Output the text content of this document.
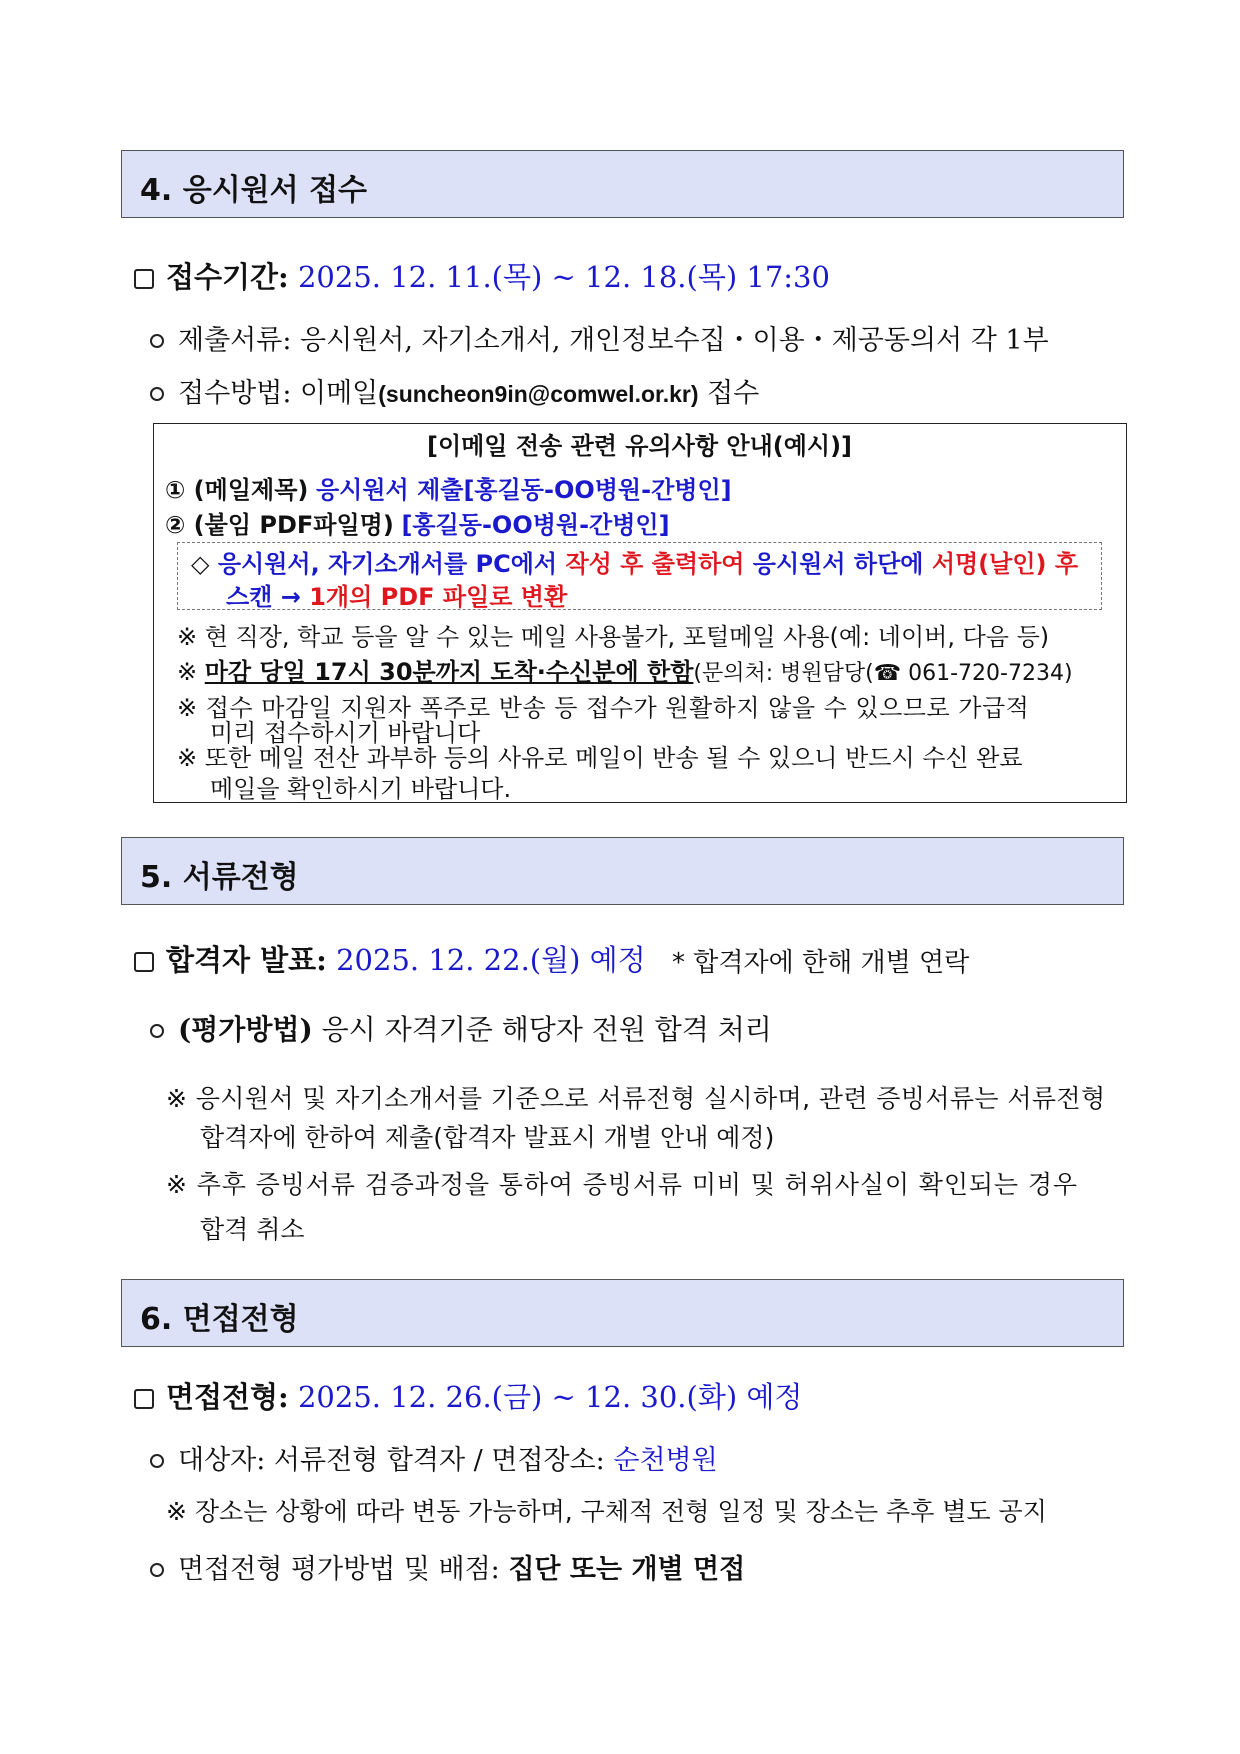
4. 응시원서 접수
접수기간: 2025. 12. 11.(목) ~ 12. 18.(목) 17:30
제출서류: 응시원서, 자기소개서, 개인정보수집・이용・제공동의서 각 1부
접수방법: 이메일(suncheon9in@comwel.or.kr) 접수
[이메일 전송 관련 유의사항 안내(예시)]
① (메일제목) 응시원서 제출[홍길동-OO병원-간병인]
② (붙임 PDF파일명) [홍길동-OO병원-간병인]
◇ 응시원서, 자기소개서를 PC에서 작성 후 출력하여 응시원서 하단에 서명(날인) 후
스캔 → 1개의 PDF 파일로 변환
※ 현 직장, 학교 등을 알 수 있는 메일 사용불가, 포털메일 사용(예: 네이버, 다음 등)
※ 마감 당일 17시 30분까지 도착·수신분에 한함(문의처: 병원담당(☎ 061-720-7234)
※ 접수 마감일 지원자 폭주로 반송 등 접수가 원활하지 않을 수 있으므로 가급적
미리 접수하시기 바랍니다
※ 또한 메일 전산 과부하 등의 사유로 메일이 반송 될 수 있으니 반드시 수신 완료
메일을 확인하시기 바랍니다.
5. 서류전형
합격자 발표: 2025. 12. 22.(월) 예정 * 합격자에 한해 개별 연락
(평가방법) 응시 자격기준 해당자 전원 합격 처리
※ 응시원서 및 자기소개서를 기준으로 서류전형 실시하며, 관련 증빙서류는 서류전형
합격자에 한하여 제출(합격자 발표시 개별 안내 예정)
※ 추후 증빙서류 검증과정을 통하여 증빙서류 미비 및 허위사실이 확인되는 경우
합격 취소
6. 면접전형
면접전형: 2025. 12. 26.(금) ~ 12. 30.(화) 예정
대상자: 서류전형 합격자 / 면접장소: 순천병원
※ 장소는 상황에 따라 변동 가능하며, 구체적 전형 일정 및 장소는 추후 별도 공지
면접전형 평가방법 및 배점: 집단 또는 개별 면접
